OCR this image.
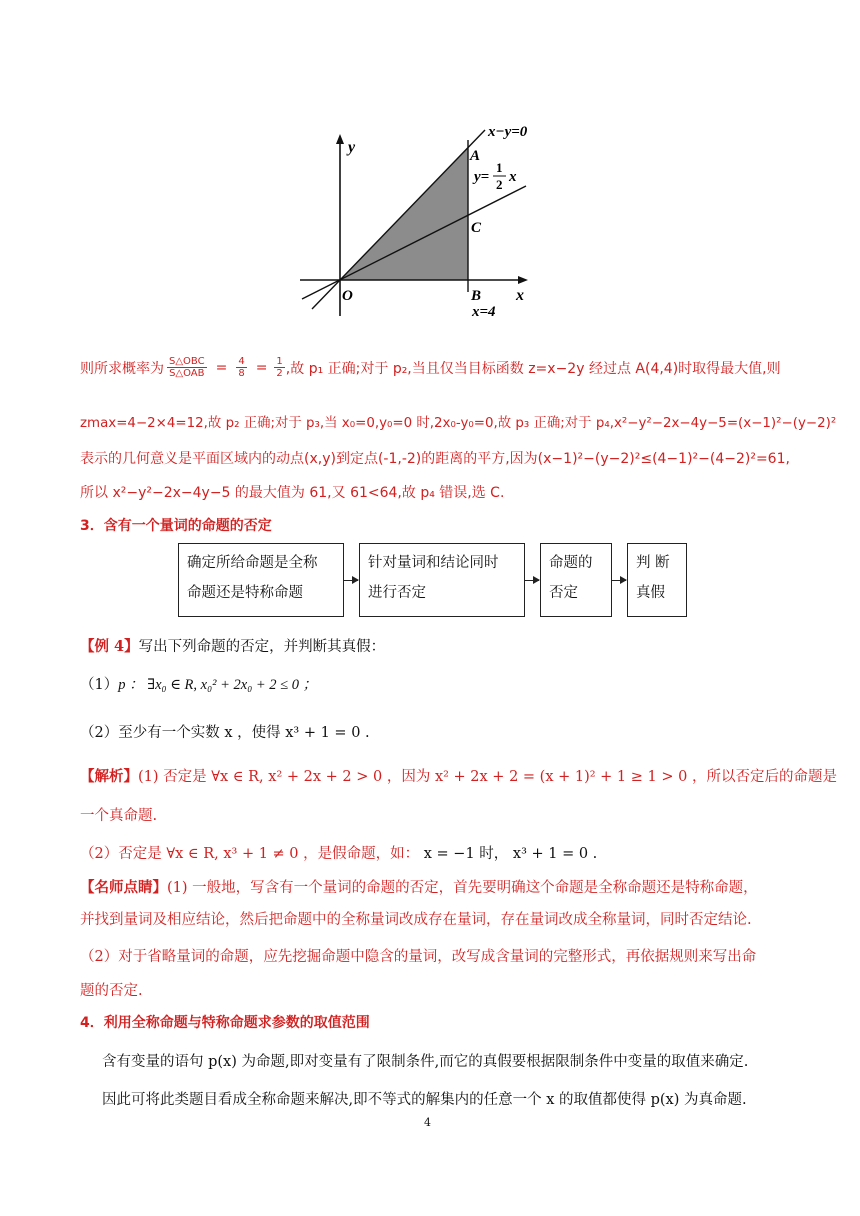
y
x
O
A
B
C
x−y=0
y=
1
2 x
x=4
则所求概率为 S△OBC
S△OAB = $\frac{4}{8} = \frac{1}{2}$ ,故 p₁ 正确;对于 p₂,当且仅当目标函数 z=x−2y 经过点 A(4,4)时取得最大值,则
zmax=4−2×4=12,故 p₂ 正确;对于 p₃,当 x₀=0,y₀=0 时,2x₀-y₀=0,故 p₃ 正确;对于 p₄,x²−y²−2x−4y−5=(x−1)²−(y−2)²
表示的几何意义是平面区域内的动点(x,y)到定点(-1,-2)的距离的平方,因为(x−1)²−(y−2)²≤(4−1)²−(4−2)²=61,
所以 x²−y²−2x−4y−5 的最大值为 61,又 61<64,故 p₄ 错误,选 C.
3．含有一个量词的命题的否定
确定所给命题是全称
命题还是特称命题
针对量词和结论同时
进行否定
命题的
否定
判 断
真假
【例 4】写出下列命题的否定，并判断其真假：
（1）p ： ∃x₀ ∈ R, x₀² + 2x₀ + 2 ≤ 0 ；
（2）至少有一个实数 x ，使得 x³ + 1 = 0 .
【解析】(1) 否定是 ∀x ∈ R, x² + 2x + 2 > 0 ，因为 x² + 2x + 2 = (x + 1)² + 1 ≥ 1 > 0 ，所以否定后的命题是
一个真命题.
（2）否定是 ∀x ∈ R, x³ + 1 ≠ 0 ，是假命题，如： x = −1 时， x³ + 1 = 0 .
【名师点睛】(1) 一般地，写含有一个量词的命题的否定，首先要明确这个命题是全称命题还是特称命题，
并找到量词及相应结论，然后把命题中的全称量词改成存在量词，存在量词改成全称量词，同时否定结论.
（2）对于省略量词的命题，应先挖掘命题中隐含的量词，改写成含量词的完整形式，再依据规则来写出命
题的否定.
4．利用全称命题与特称命题求参数的取值范围
含有变量的语句 p(x) 为命题,即对变量有了限制条件,而它的真假要根据限制条件中变量的取值来确定.
因此可将此类题目看成全称命题来解决,即不等式的解集内的任意一个 x 的取值都使得 p(x) 为真命题.
4
